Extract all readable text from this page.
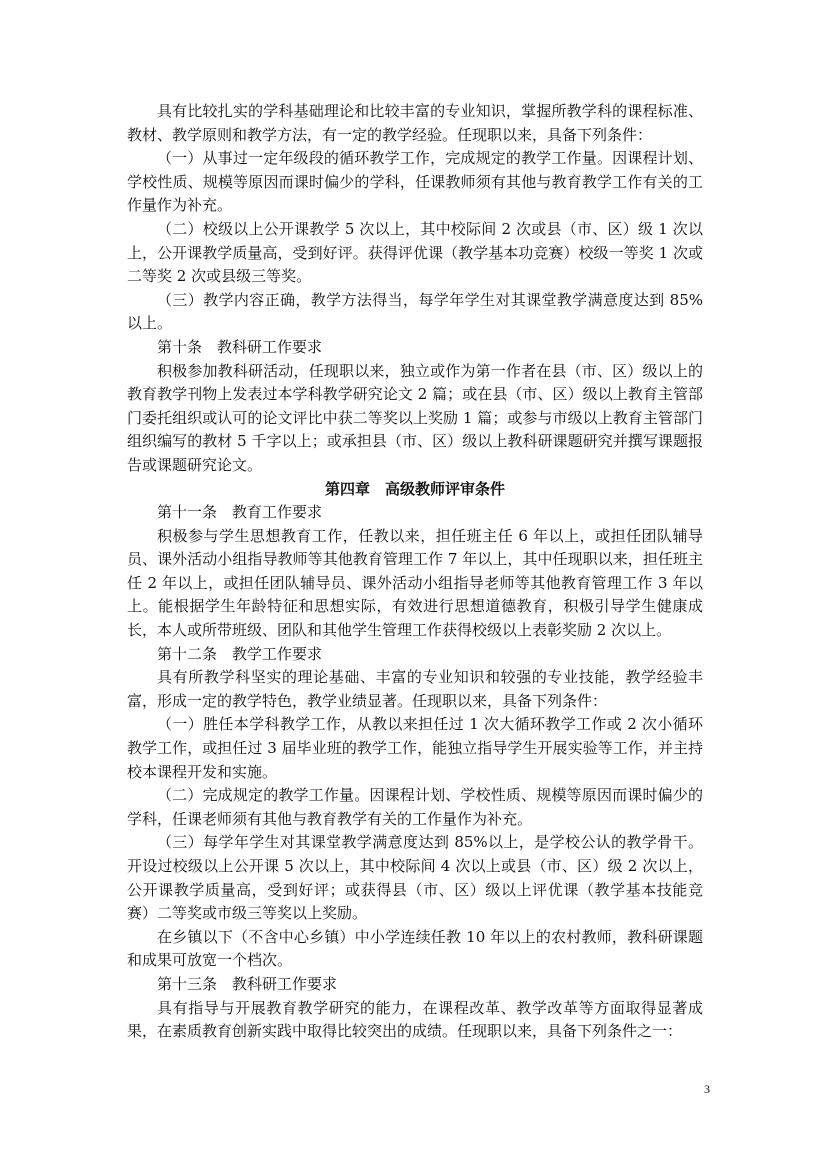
具有比较扎实的学科基础理论和比较丰富的专业知识，掌握所教学科的课程标准、教材、教学原则和教学方法，有一定的教学经验。任现职以来，具备下列条件：

（一）从事过一定年级段的循环教学工作，完成规定的教学工作量。因课程计划、学校性质、规模等原因而课时偏少的学科，任课教师须有其他与教育教学工作有关的工作量作为补充。

（二）校级以上公开课教学 5 次以上，其中校际间 2 次或县（市、区）级 1 次以上，公开课教学质量高，受到好评。获得评优课（教学基本功竞赛）校级一等奖 1 次或二等奖 2 次或县级三等奖。

（三）教学内容正确，教学方法得当，每学年学生对其课堂教学满意度达到 85%以上。

第十条　教科研工作要求

积极参加教科研活动，任现职以来，独立或作为第一作者在县（市、区）级以上的教育教学刊物上发表过本学科教学研究论文 2 篇；或在县（市、区）级以上教育主管部门委托组织或认可的论文评比中获二等奖以上奖励 1 篇；或参与市级以上教育主管部门组织编写的教材 5 千字以上；或承担县（市、区）级以上教科研课题研究并撰写课题报告或课题研究论文。

第四章　高级教师评审条件

第十一条　教育工作要求

积极参与学生思想教育工作，任教以来，担任班主任 6 年以上，或担任团队辅导员、课外活动小组指导教师等其他教育管理工作 7 年以上，其中任现职以来，担任班主任 2 年以上，或担任团队辅导员、课外活动小组指导老师等其他教育管理工作 3 年以上。能根据学生年龄特征和思想实际，有效进行思想道德教育，积极引导学生健康成长，本人或所带班级、团队和其他学生管理工作获得校级以上表彰奖励 2 次以上。

第十二条　教学工作要求

具有所教学科坚实的理论基础、丰富的专业知识和较强的专业技能，教学经验丰富，形成一定的教学特色，教学业绩显著。任现职以来，具备下列条件：

（一）胜任本学科教学工作，从教以来担任过 1 次大循环教学工作或 2 次小循环教学工作，或担任过 3 届毕业班的教学工作，能独立指导学生开展实验等工作，并主持校本课程开发和实施。

（二）完成规定的教学工作量。因课程计划、学校性质、规模等原因而课时偏少的学科，任课老师须有其他与教育教学有关的工作量作为补充。

（三）每学年学生对其课堂教学满意度达到 85%以上，是学校公认的教学骨干。开设过校级以上公开课 5 次以上，其中校际间 4 次以上或县（市、区）级 2 次以上，公开课教学质量高，受到好评；或获得县（市、区）级以上评优课（教学基本技能竞赛）二等奖或市级三等奖以上奖励。

在乡镇以下（不含中心乡镇）中小学连续任教 10 年以上的农村教师，教科研课题和成果可放宽一个档次。

第十三条　教科研工作要求

具有指导与开展教育教学研究的能力，在课程改革、教学改革等方面取得显著成果，在素质教育创新实践中取得比较突出的成绩。任现职以来，具备下列条件之一：

3
